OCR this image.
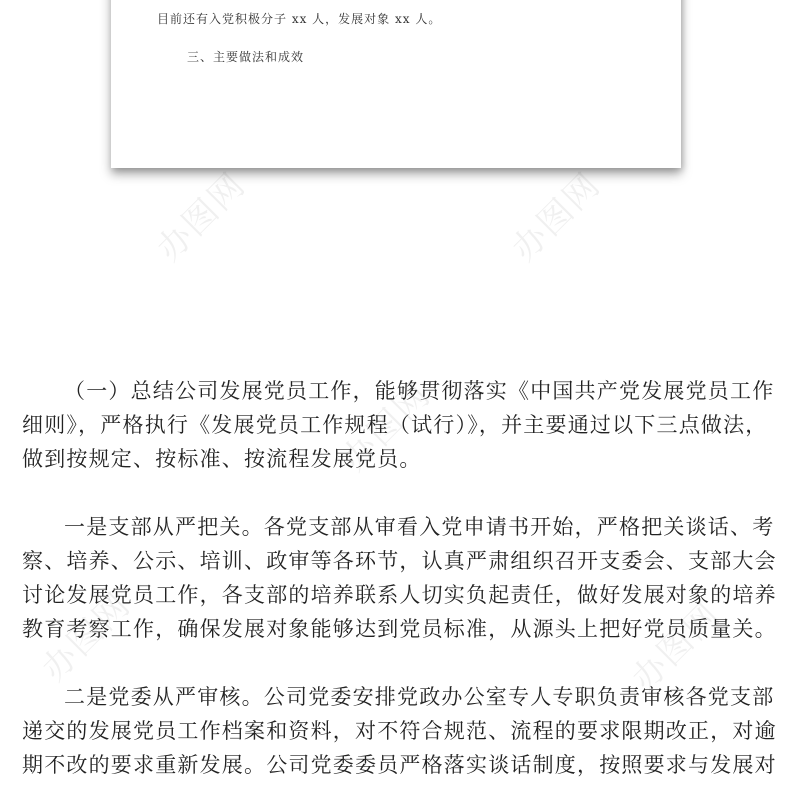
目前还有入党积极分子 xx 人，发展对象 xx 人。
三、主要做法和成效
办图网	办图网
办图网
办图网	办图网

（一）总结公司发展党员工作，能够贯彻落实《中国共产党发展党员工作细则》，严格执行《发展党员工作规程（试行）》，并主要通过以下三点做法，做到按规定、按标准、按流程发展党员。

一是支部从严把关。各党支部从审看入党申请书开始，严格把关谈话、考察、培养、公示、培训、政审等各环节，认真严肃组织召开支委会、支部大会讨论发展党员工作，各支部的培养联系人切实负起责任，做好发展对象的培养教育考察工作，确保发展对象能够达到党员标准，从源头上把好党员质量关。

二是党委从严审核。公司党委安排党政办公室专人专职负责审核各党支部递交的发展党员工作档案和资料，对不符合规范、流程的要求限期改正，对逾期不改的要求重新发展。公司党委委员严格落实谈话制度，按照要求与发展对
